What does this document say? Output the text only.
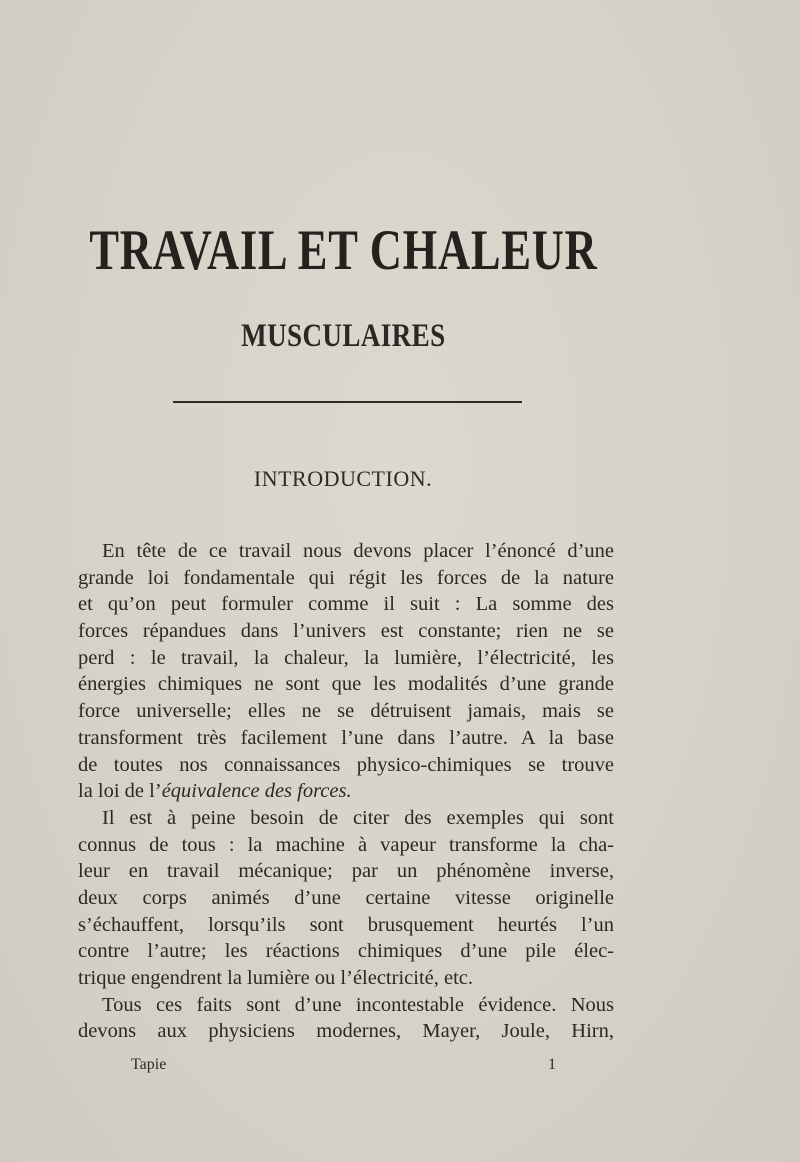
TRAVAIL ET CHALEUR
MUSCULAIRES
INTRODUCTION.
En tête de ce travail nous devons placer l’énoncé d’une
grande loi fondamentale qui régit les forces de la nature
et qu’on peut formuler comme il suit : La somme des
forces répandues dans l’univers est constante; rien ne se
perd : le travail, la chaleur, la lumière, l’électricité, les
énergies chimiques ne sont que les modalités d’une grande
force universelle; elles ne se détruisent jamais, mais se
transforment très facilement l’une dans l’autre. A la base
de toutes nos connaissances physico-chimiques se trouve
la loi de l’équivalence des forces.
Il est à peine besoin de citer des exemples qui sont
connus de tous : la machine à vapeur transforme la cha-
leur en travail mécanique; par un phénomène inverse,
deux corps animés d’une certaine vitesse originelle
s’échauffent, lorsqu’ils sont brusquement heurtés l’un
contre l’autre; les réactions chimiques d’une pile élec-
trique engendrent la lumière ou l’électricité, etc.
Tous ces faits sont d’une incontestable évidence. Nous
devons aux physiciens modernes, Mayer, Joule, Hirn,
Tapie	1
